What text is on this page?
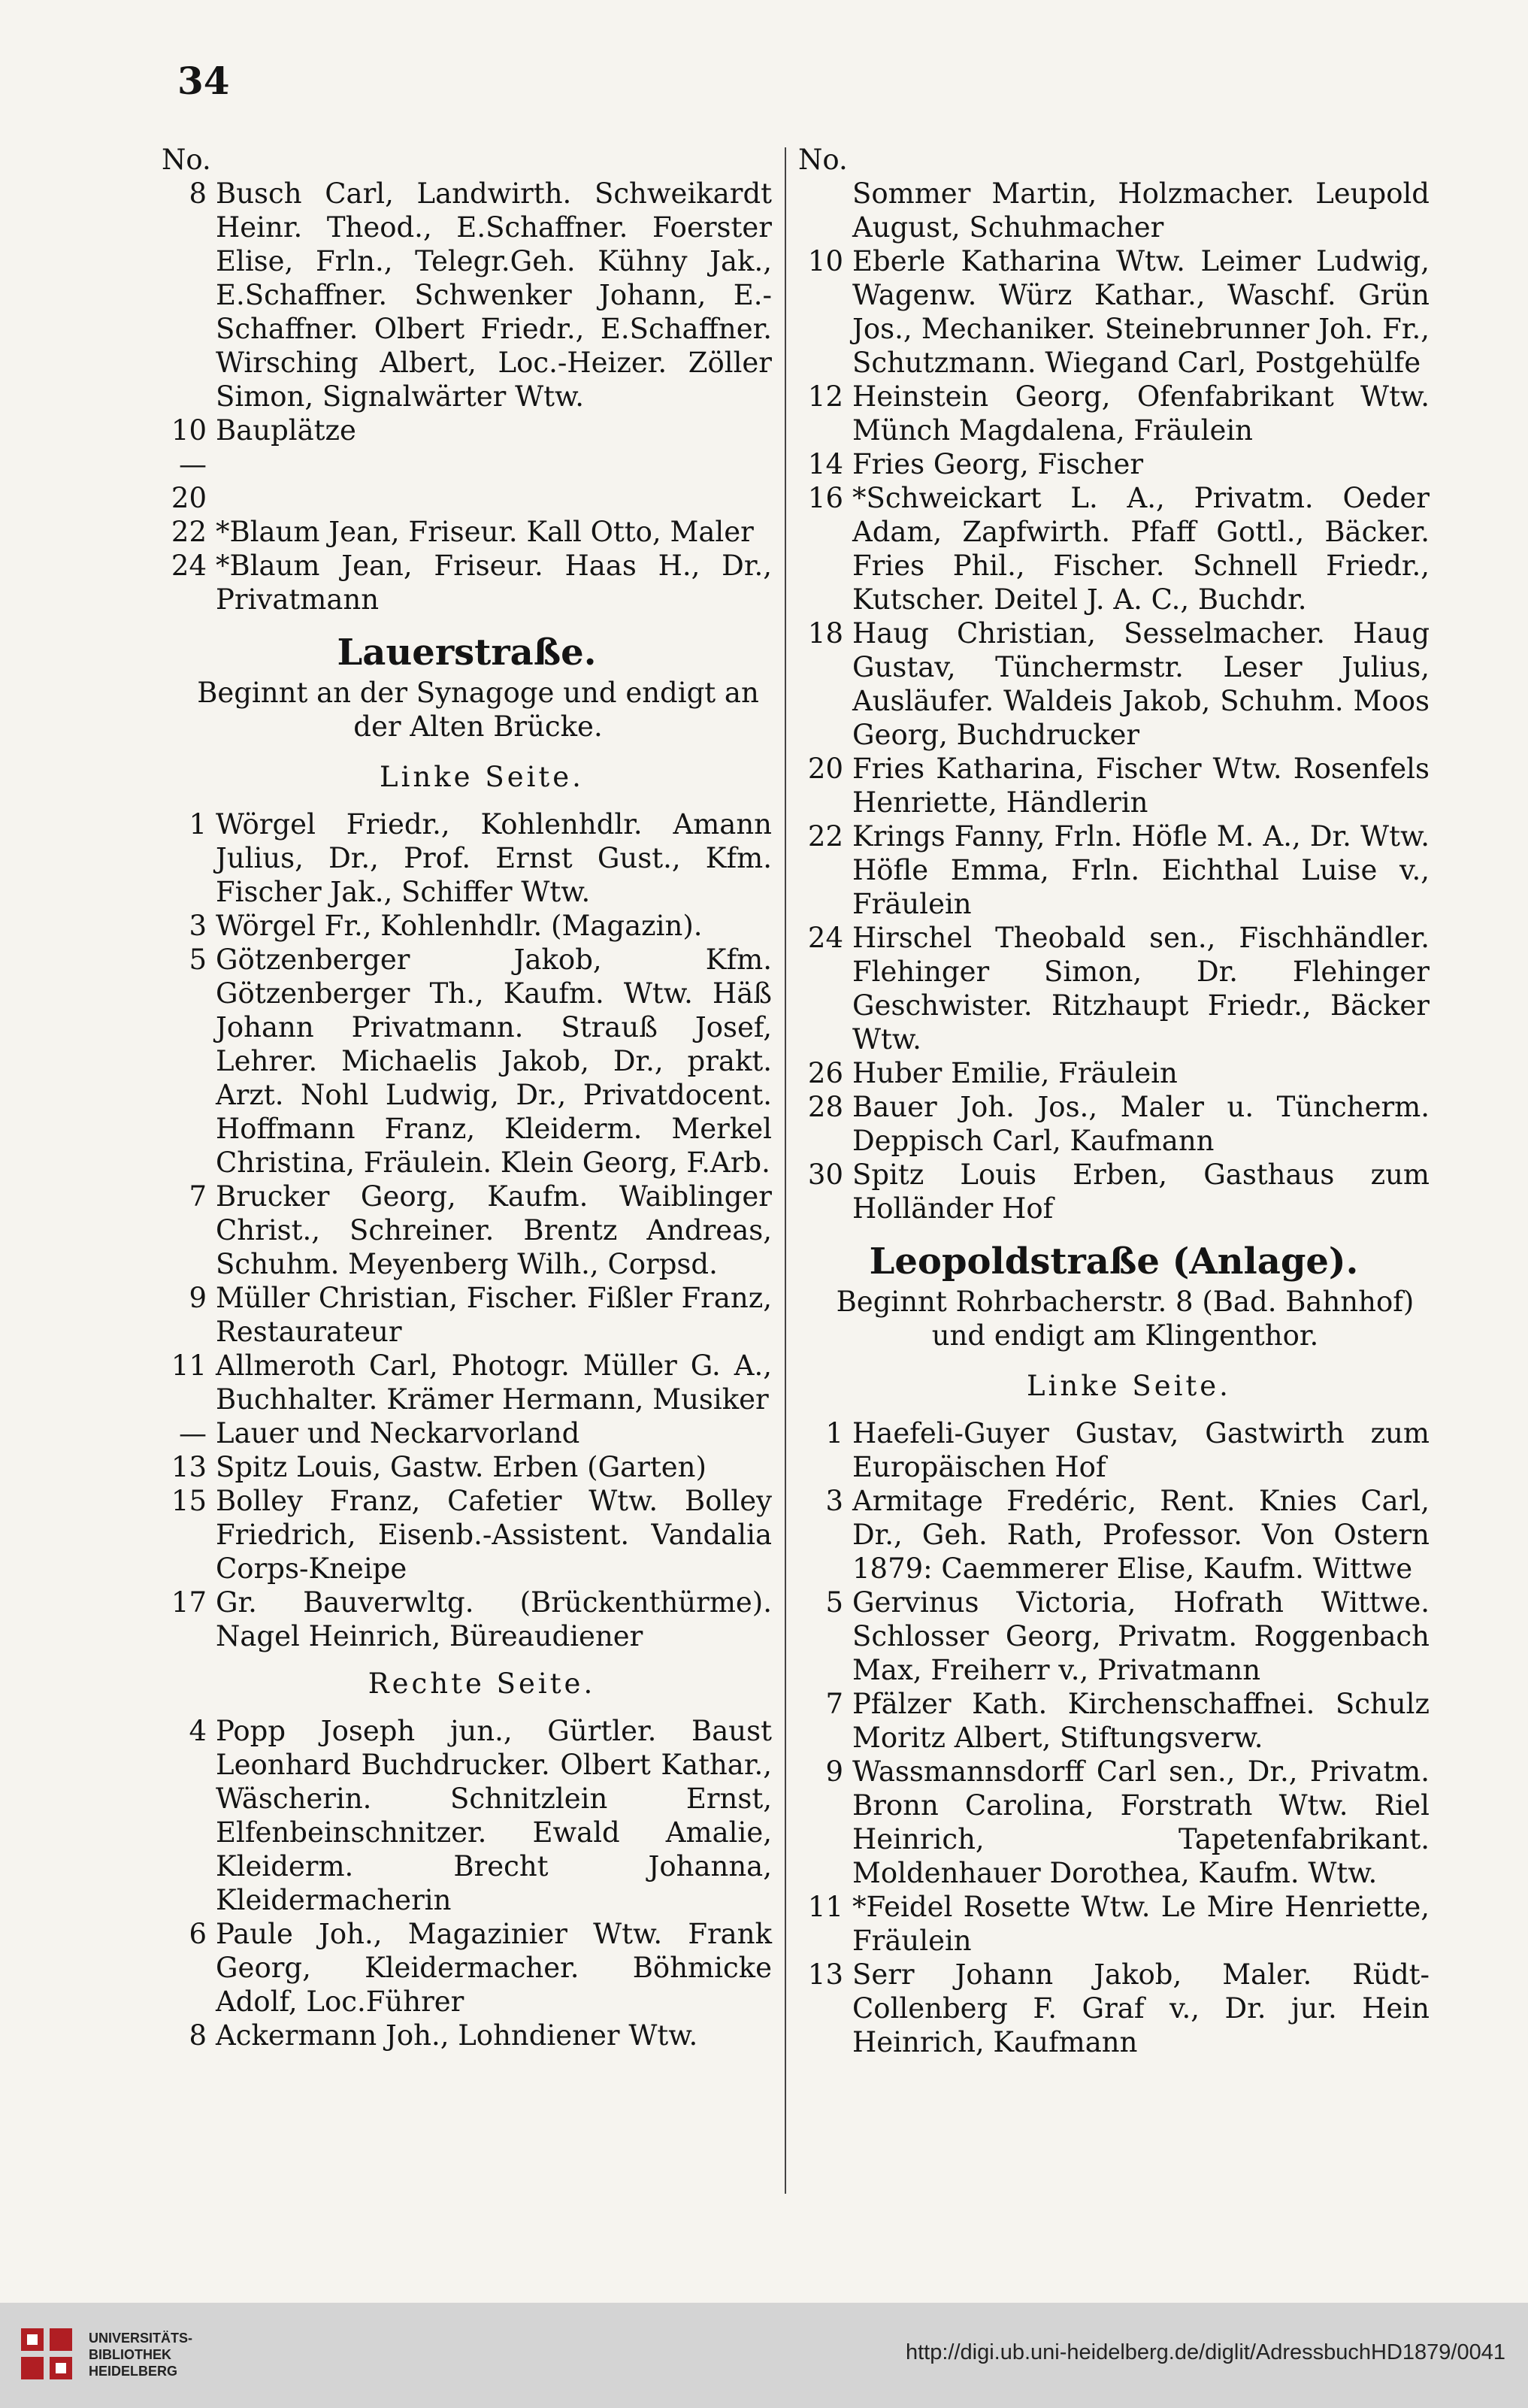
34

No.

8 Busch Carl, Landwirth. Schweikardt Heinr. Theod., E.Schaffner. Foerster Elise, Frln., Telegr.Geh. Kühny Jak., E.Schaffner. Schwenker Johann, E.-Schaffner. Olbert Friedr., E.Schaffner. Wirsching Albert, Loc.-Heizer. Zöller Simon, Signalwärter Wtw.
10—20
Bauplätze
22 *Blaum Jean, Friseur. Kall Otto, Maler
24 *Blaum Jean, Friseur. Haas H., Dr., Privatmann
Lauerstraße.
Beginnt an der Synagoge und endigt an der Alten Brücke.
Linke Seite.
1 Wörgel Friedr., Kohlenhdlr. Amann Julius, Dr., Prof. Ernst Gust., Kfm. Fischer Jak., Schiffer Wtw.
3 Wörgel Fr., Kohlenhdlr. (Magazin).
5 Götzenberger Jakob, Kfm. Götzenberger Th., Kaufm. Wtw. Häß Johann Privatmann. Strauß Josef, Lehrer. Michaelis Jakob, Dr., prakt. Arzt. Nohl Ludwig, Dr., Privatdocent. Hoffmann Franz, Kleiderm. Merkel Christina, Fräulein. Klein Georg, F.Arb.
7 Brucker Georg, Kaufm. Waiblinger Christ., Schreiner. Brentz Andreas, Schuhm. Meyenberg Wilh., Corpsd.
9 Müller Christian, Fischer. Fißler Franz, Restaurateur
11 Allmeroth Carl, Photogr. Müller G. A., Buchhalter. Krämer Hermann, Musiker
— Lauer und Neckarvorland
13 Spitz Louis, Gastw. Erben (Garten)
15 Bolley Franz, Cafetier Wtw. Bolley Friedrich, Eisenb.-Assistent. Vandalia Corps-Kneipe
17 Gr. Bauverwltg. (Brückenthürme). Nagel Heinrich, Büreaudiener
Rechte Seite.
4 Popp Joseph jun., Gürtler. Baust Leonhard Buchdrucker. Olbert Kathar., Wäscherin. Schnitzlein Ernst, Elfenbeinschnitzer. Ewald Amalie, Kleiderm. Brecht Johanna, Kleidermacherin
6 Paule Joh., Magazinier Wtw. Frank Georg, Kleidermacher. Böhmicke Adolf, Loc.Führer
8 Ackermann Joh., Lohndiener Wtw.

No.

Sommer Martin, Holzmacher. Leupold August, Schuhmacher
10 Eberle Katharina Wtw. Leimer Ludwig, Wagenw. Würz Kathar., Waschf. Grün Jos., Mechaniker. Steinebrunner Joh. Fr., Schutzmann. Wiegand Carl, Postgehülfe
12 Heinstein Georg, Ofenfabrikant Wtw. Münch Magdalena, Fräulein
14 Fries Georg, Fischer
16 *Schweickart L. A., Privatm. Oeder Adam, Zapfwirth. Pfaff Gottl., Bäcker. Fries Phil., Fischer. Schnell Friedr., Kutscher. Deitel J. A. C., Buchdr.
18 Haug Christian, Sesselmacher. Haug Gustav, Tünchermstr. Leser Julius, Ausläufer. Waldeis Jakob, Schuhm. Moos Georg, Buchdrucker
20 Fries Katharina, Fischer Wtw. Rosenfels Henriette, Händlerin
22 Krings Fanny, Frln. Höfle M. A., Dr. Wtw. Höfle Emma, Frln. Eichthal Luise v., Fräulein
24 Hirschel Theobald sen., Fischhändler. Flehinger Simon, Dr. Flehinger Geschwister. Ritzhaupt Friedr., Bäcker Wtw.
26 Huber Emilie, Fräulein
28 Bauer Joh. Jos., Maler u. Tüncherm. Deppisch Carl, Kaufmann
30 Spitz Louis Erben, Gasthaus zum Holländer Hof
Leopoldstraße (Anlage).
Beginnt Rohrbacherstr. 8 (Bad. Bahnhof) und endigt am Klingenthor.
Linke Seite.
1 Haefeli-Guyer Gustav, Gastwirth zum Europäischen Hof
3 Armitage Fredéric, Rent. Knies Carl, Dr., Geh. Rath, Professor. Von Ostern 1879: Caemmerer Elise, Kaufm. Wittwe
5 Gervinus Victoria, Hofrath Wittwe. Schlosser Georg, Privatm. Roggenbach Max, Freiherr v., Privatmann
7 Pfälzer Kath. Kirchenschaffnei. Schulz Moritz Albert, Stiftungsverw.
9 Wassmannsdorff Carl sen., Dr., Privatm. Bronn Carolina, Forstrath Wtw. Riel Heinrich, Tapetenfabrikant. Moldenhauer Dorothea, Kaufm. Wtw.
11 *Feidel Rosette Wtw. Le Mire Henriette, Fräulein
13 Serr Johann Jakob, Maler. Rüdt-Collenberg F. Graf v., Dr. jur. Hein Heinrich, Kaufmann

UNIVERSITÄTS-
BIBLIOTHEK
HEIDELBERG

http://digi.ub.uni-heidelberg.de/diglit/AdressbuchHD1879/0041
